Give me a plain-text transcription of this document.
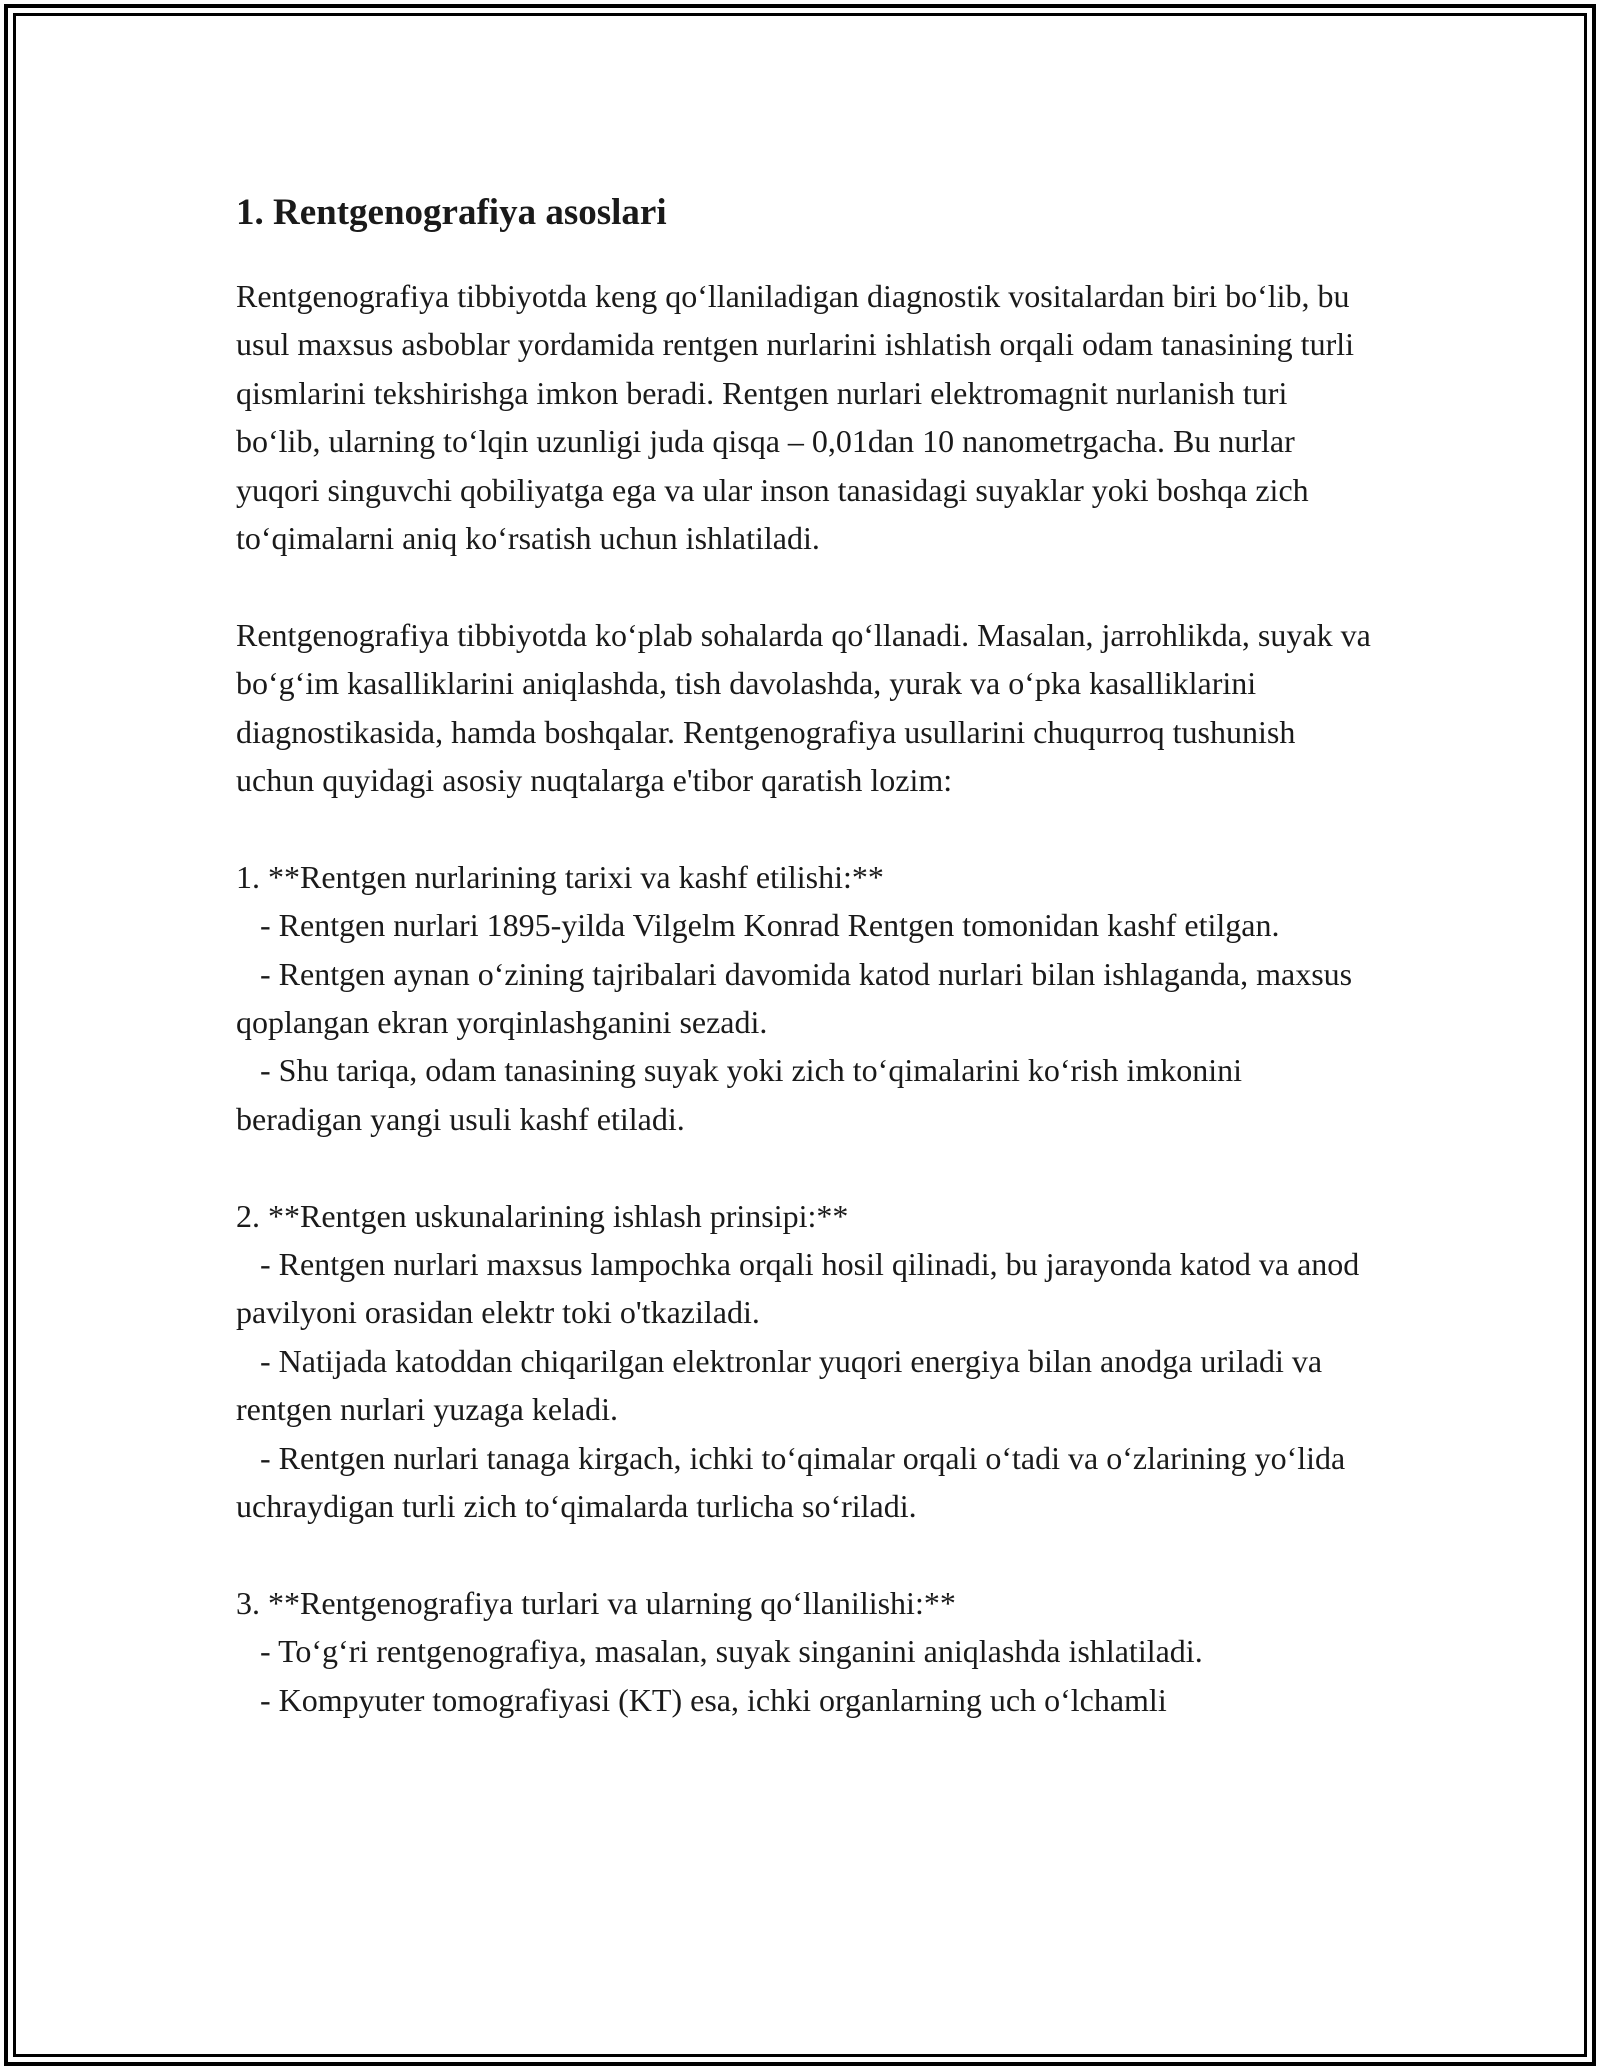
1. Rentgenografiya asoslari

Rentgenografiya tibbiyotda keng qo‘llaniladigan diagnostik vositalardan biri bo‘lib, bu usul maxsus asboblar yordamida rentgen nurlarini ishlatish orqali odam tanasining turli qismlarini tekshirishga imkon beradi. Rentgen nurlari elektromagnit nurlanish turi bo‘lib, ularning to‘lqin uzunligi juda qisqa – 0,01dan 10 nanometrgacha. Bu nurlar yuqori singuvchi qobiliyatga ega va ular inson tanasidagi suyaklar yoki boshqa zich to‘qimalarni aniq ko‘rsatish uchun ishlatiladi.

Rentgenografiya tibbiyotda ko‘plab sohalarda qo‘llanadi. Masalan, jarrohlikda, suyak va bo‘g‘im kasalliklarini aniqlashda, tish davolashda, yurak va o‘pka kasalliklarini diagnostikasida, hamda boshqalar. Rentgenografiya usullarini chuqurroq tushunish uchun quyidagi asosiy nuqtalarga e'tibor qaratish lozim:

1. **Rentgen nurlarining tarixi va kashf etilishi:**
- Rentgen nurlari 1895-yilda Vilgelm Konrad Rentgen tomonidan kashf etilgan.
- Rentgen aynan o‘zining tajribalari davomida katod nurlari bilan ishlaganda, maxsus qoplangan ekran yorqinlashganini sezadi.
- Shu tariqa, odam tanasining suyak yoki zich to‘qimalarini ko‘rish imkonini beradigan yangi usuli kashf etiladi.

2. **Rentgen uskunalarining ishlash prinsipi:**
- Rentgen nurlari maxsus lampochka orqali hosil qilinadi, bu jarayonda katod va anod pavilyoni orasidan elektr toki o'tkaziladi.
- Natijada katoddan chiqarilgan elektronlar yuqori energiya bilan anodga uriladi va rentgen nurlari yuzaga keladi.
- Rentgen nurlari tanaga kirgach, ichki to‘qimalar orqali o‘tadi va o‘zlarining yo‘lida uchraydigan turli zich to‘qimalarda turlicha so‘riladi.

3. **Rentgenografiya turlari va ularning qo‘llanilishi:**
- To‘g‘ri rentgenografiya, masalan, suyak singanini aniqlashda ishlatiladi.
- Kompyuter tomografiyasi (KT) esa, ichki organlarning uch o‘lchamli
